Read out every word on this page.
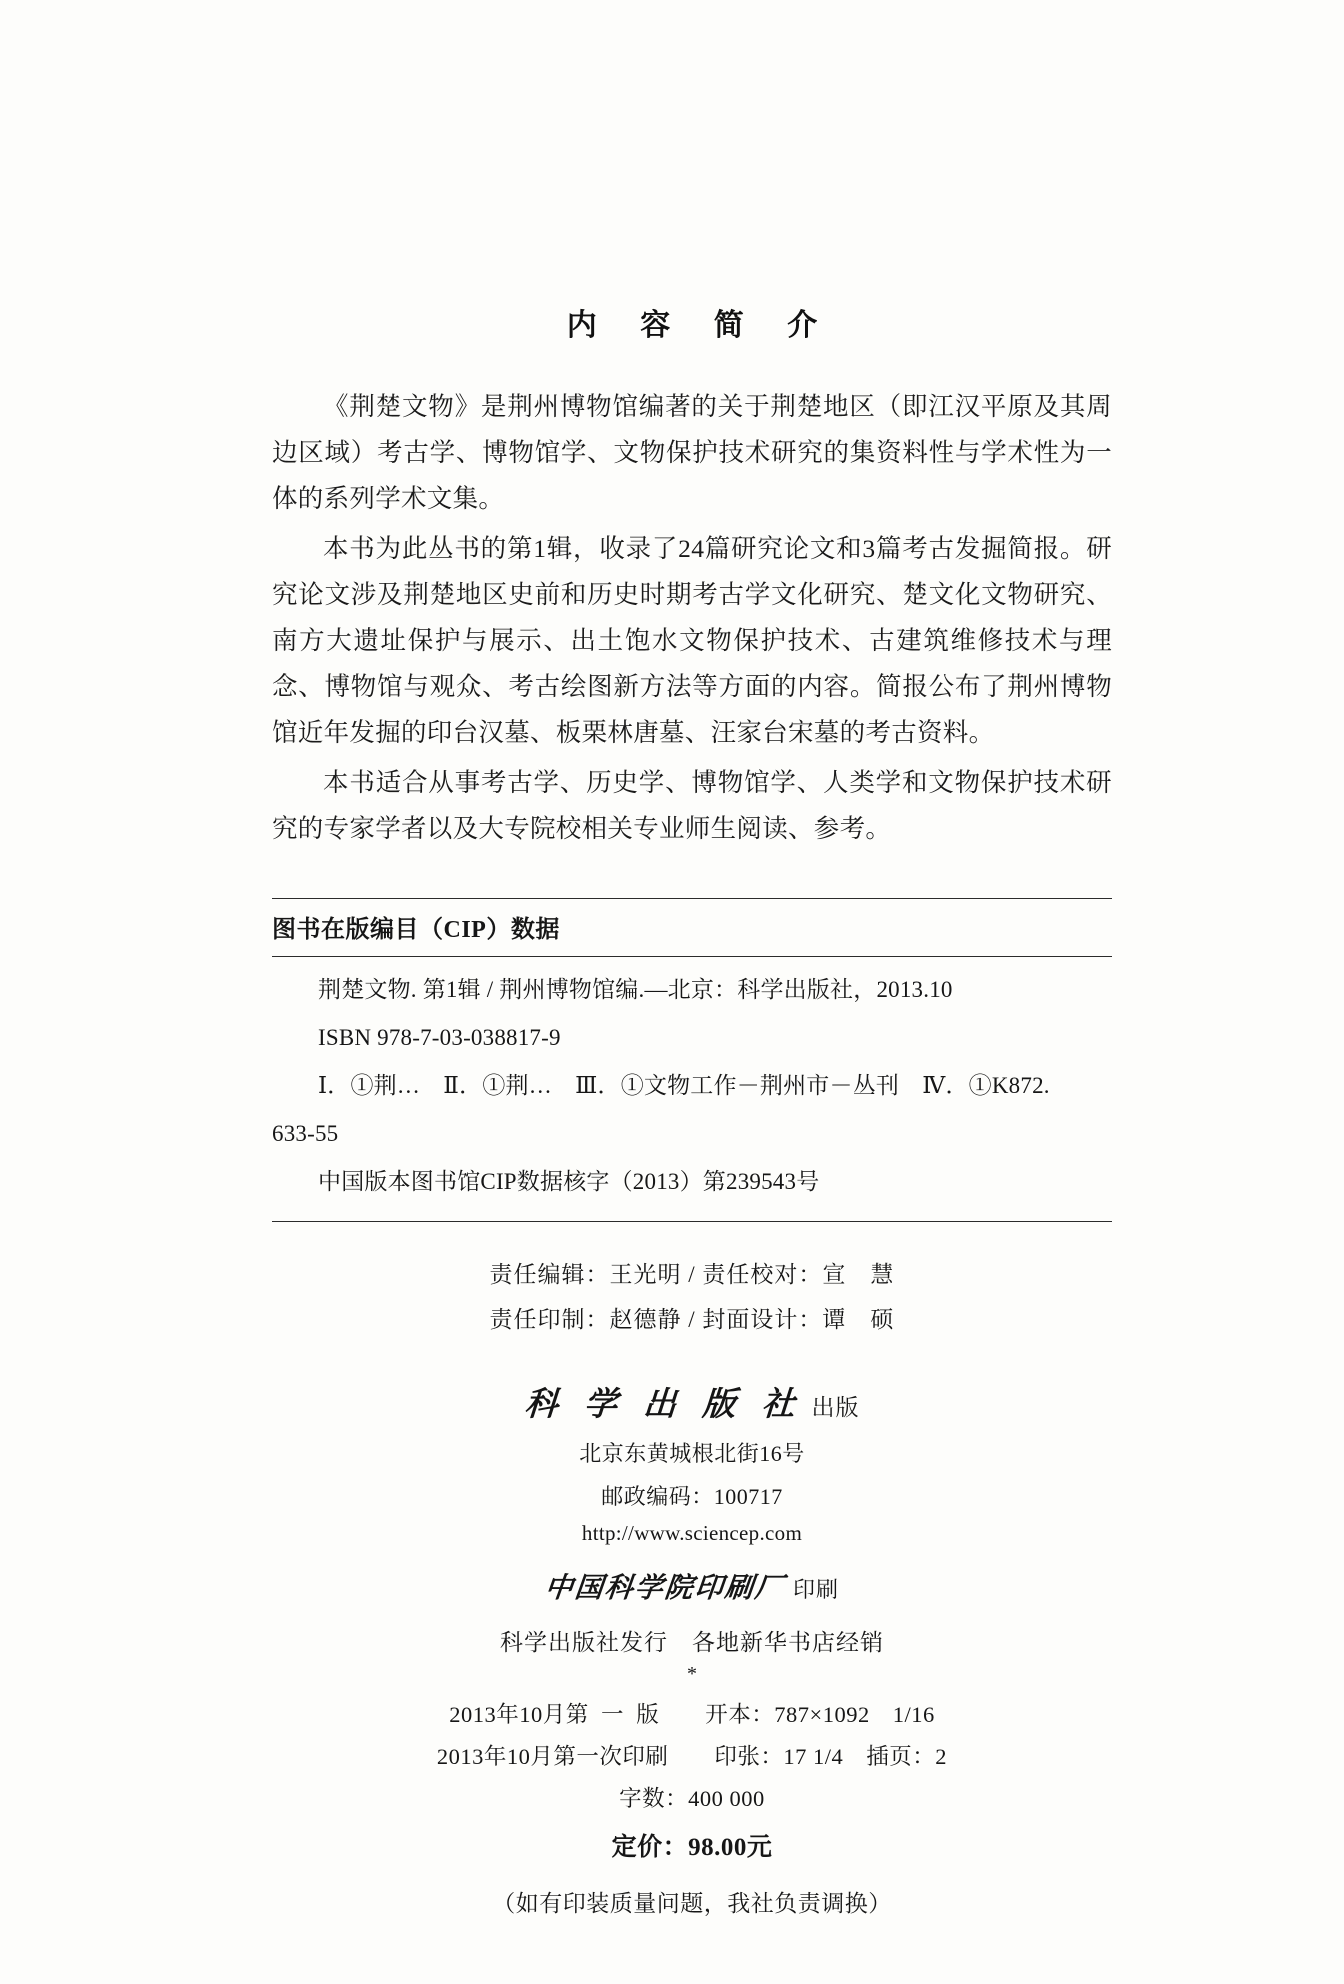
内 容 简 介

《荆楚文物》是荆州博物馆编著的关于荆楚地区（即江汉平原及其周边区域）考古学、博物馆学、文物保护技术研究的集资料性与学术性为一体的系列学术文集。

本书为此丛书的第1辑，收录了24篇研究论文和3篇考古发掘简报。研究论文涉及荆楚地区史前和历史时期考古学文化研究、楚文化文物研究、南方大遗址保护与展示、出土饱水文物保护技术、古建筑维修技术与理念、博物馆与观众、考古绘图新方法等方面的内容。简报公布了荆州博物馆近年发掘的印台汉墓、板栗林唐墓、汪家台宋墓的考古资料。

本书适合从事考古学、历史学、博物馆学、人类学和文物保护技术研究的专家学者以及大专院校相关专业师生阅读、参考。

图书在版编目（CIP）数据

荆楚文物. 第1辑 / 荆州博物馆编.—北京：科学出版社，2013.10

ISBN 978-7-03-038817-9

Ⅰ．①荆…　Ⅱ．①荆…　Ⅲ．①文物工作－荆州市－丛刊　Ⅳ．①K872.

633-55

中国版本图书馆CIP数据核字（2013）第239543号

责任编辑：王光明 / 责任校对：宣　慧

责任印制：赵德静 / 封面设计：谭　硕

科 学 出 版 社 出版
北京东黄城根北街16号
邮政编码：100717
http://www.sciencep.com
中国科学院印刷厂 印刷
科学出版社发行　各地新华书店经销
*
2013年10月第  一  版　　开本：787×1092　1/16
2013年10月第一次印刷　　印张：17 1/4　插页：2
字数：400 000
定价：98.00元
（如有印装质量问题，我社负责调换）
